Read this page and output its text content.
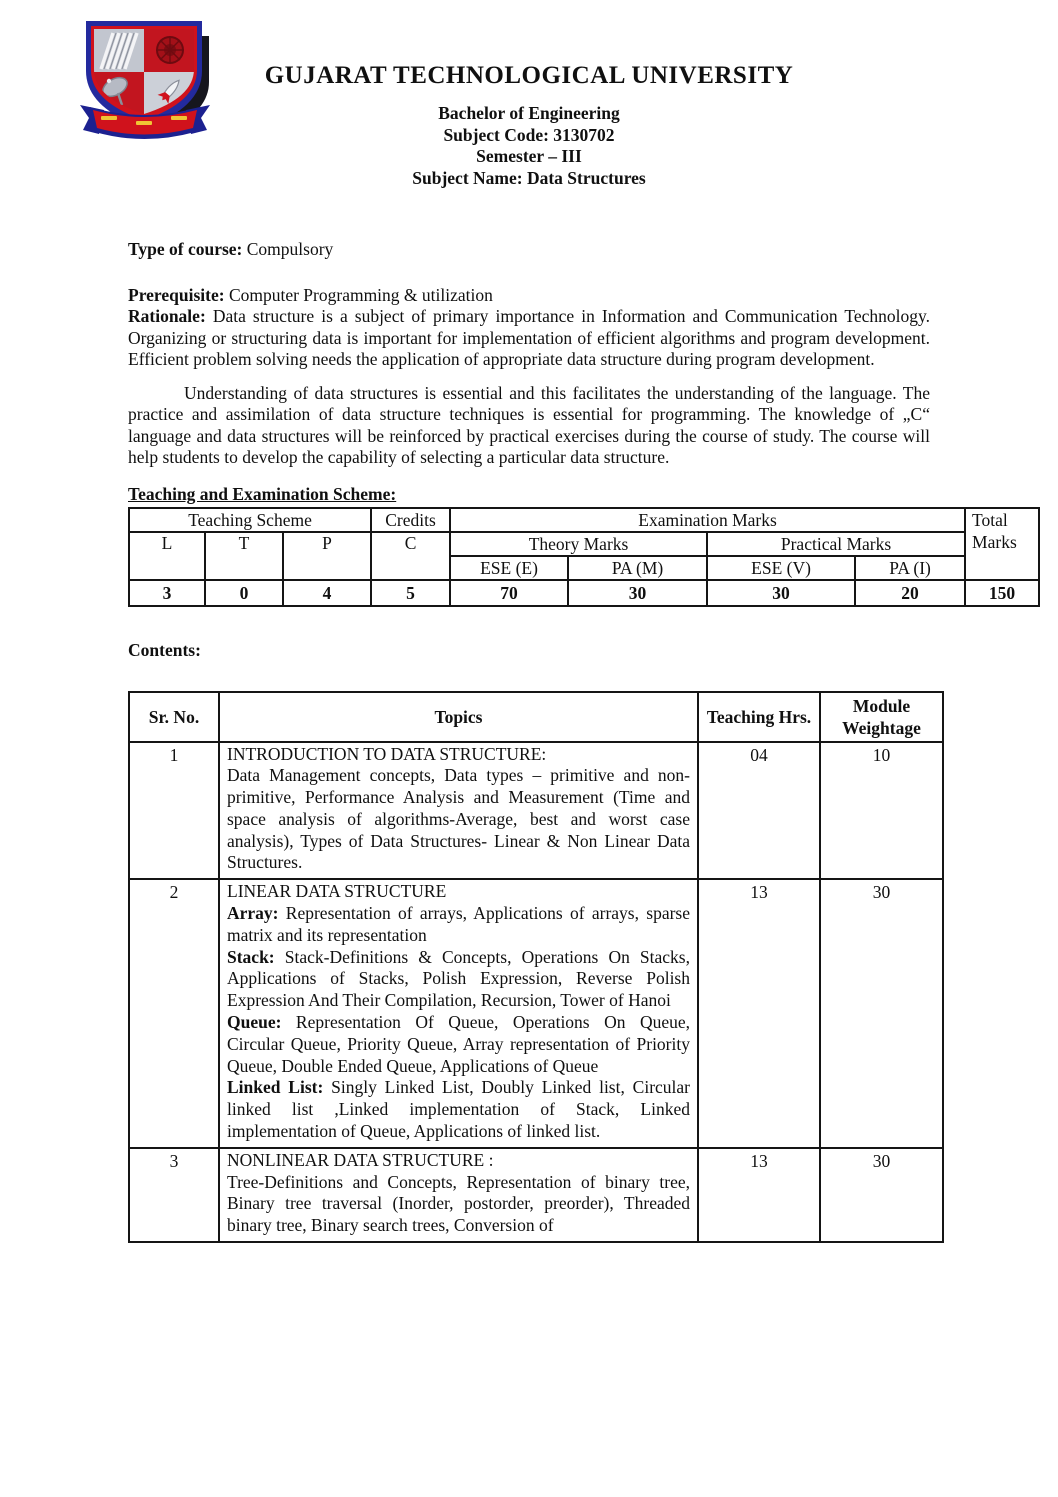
GUJARAT TECHNOLOGICAL UNIVERSITY
Bachelor of Engineering
Subject Code: 3130702
Semester – III
Subject Name: Data Structures

Type of course: Compulsory

Prerequisite: Computer Programming & utilization

Rationale: Data structure is a subject of primary importance in Information and Communication Technology. Organizing or structuring data is important for implementation of efficient algorithms and program development. Efficient problem solving needs the application of appropriate data structure during program development.

Understanding of data structures is essential and this facilitates the understanding of the language. The practice and assimilation of data structure techniques is essential for programming. The knowledge of „C“ language and data structures will be reinforced by practical exercises during the course of study. The course will help students to develop the capability of selecting a particular data structure.

Teaching and Examination Scheme:
Teaching Scheme			Credits	Examination Marks				Total Marks
L	T	P	C	Theory Marks		Practical Marks		
				ESE (E)	PA (M)	ESE (V)	PA (I)	
3	0	4	5	70	30	30	20	150
Contents:
Sr. No.	Topics	Teaching Hrs.	Module Weightage
1	INTRODUCTION TO DATA STRUCTURE:
Data Management concepts, Data types – primitive and non-primitive, Performance Analysis and Measurement (Time and space analysis of algorithms-Average, best and worst case analysis), Types of Data Structures- Linear & Non Linear Data Structures.	04	10
2	LINEAR DATA STRUCTURE
Array: Representation of arrays, Applications of arrays, sparse matrix and its representation
Stack: Stack-Definitions & Concepts, Operations On Stacks, Applications of Stacks, Polish Expression, Reverse Polish Expression And Their Compilation, Recursion, Tower of Hanoi
Queue: Representation Of Queue, Operations On Queue, Circular Queue, Priority Queue, Array representation of Priority Queue, Double Ended Queue, Applications of Queue
Linked List: Singly Linked List, Doubly Linked list, Circular linked list ,Linked implementation of Stack, Linked implementation of Queue, Applications of linked list.	13	30
3	NONLINEAR DATA STRUCTURE :
Tree-Definitions and Concepts, Representation of binary tree, Binary tree traversal (Inorder, postorder, preorder), Threaded binary tree, Binary search trees, Conversion of	13	30
